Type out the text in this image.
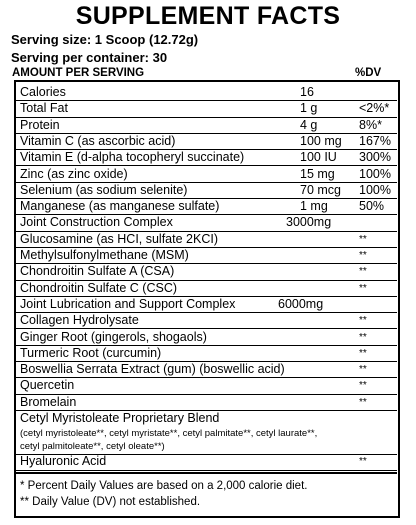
SUPPLEMENT FACTS
Serving size: 1 Scoop (12.72g)
Serving per container: 30
AMOUNT PER SERVING	%DV
Calories	16
Total Fat	1 g	<2%*
Protein	4 g	8%*
Vitamin C (as ascorbic acid)	100 mg 167%
Vitamin E (d-alpha tocopheryl succinate)	100 IU 300%
Zinc (as zinc oxide)	15 mg 100%
Selenium (as sodium selenite)	70 mcg 100%
Manganese (as manganese sulfate)	1 mg 50%
Joint Construction Complex	3000mg
Glucosamine (as HCI, sulfate 2KCI)	**
Methylsulfonylmethane (MSM)	**
Chondroitin Sulfate A (CSA)	**
Chondroitin Sulfate C (CSC)	**
Joint Lubrication and Support Complex	6000mg
Collagen Hydrolysate	**
Ginger Root (gingerols, shogaols)	**
Turmeric Root (curcumin)	**
Boswellia Serrata Extract (gum) (boswellic acid)	**
Quercetin	**
Bromelain	**
Cetyl Myristoleate Proprietary Blend
(cetyl myristoleate**, cetyl myristate**, cetyl palmitate**, cetyl laurate**,
cetyl palmitoleate**, cetyl oleate**)
Hyaluronic Acid	**
* Percent Daily Values are based on a 2,000 calorie diet.
** Daily Value (DV) not established.
